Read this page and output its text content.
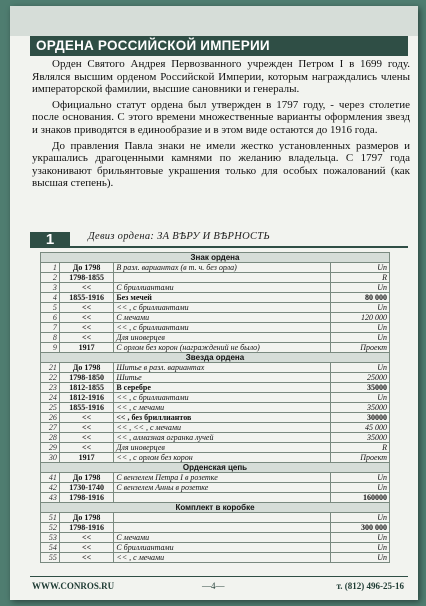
ОРДЕНА РОССИЙСКОЙ ИМПЕРИИ

Орден Святого Андрея Первозванного учрежден Петром I в 1699 году. Являлся высшим орденом Российской Империи, которым награждались члены императорской фамилии, высшие сановники и генералы.

Официально статут ордена был утвержден в 1797 году, - через столетие после основания. С этого времени множественные варианты оформления звезд и знаков приводятся в единообразие и в этом виде остаются до 1916 года.

До правления Павла знаки не имели жестко установленных размеров и украшались драгоценными камнями по желанию владельца. С 1797 года узаконивают брильянтовые украшения только для особых пожалований (как высшая степень).

1	Девиз ордена: ЗА ВѢРУ И ВѢРНОСТЬ
Знак ордена			
1	До 1798	В разл. вариантах (в т. ч. без орла)	Un
2	1798-1855		R
3	<<	С бриллиантами	Un
4	1855-1916	Без мечей	80 000
5	<<	<< , с бриллиантами	Un
6	<<	С мечами	120 000
7	<<	<< , с бриллиантами	Un
8	<<	Для иноверцев	Un
9	1917	С орлом без корон (награждений не было)	Проект
Звезда ордена			
21	До 1798	Шитье в разл. вариантах	Un
22	1798-1850	Шитье	25000
23	1812-1855	В серебре	35000
24	1812-1916	<< , с бриллиантами	Un
25	1855-1916	<< , с мечами	35000
26	<<	<< , без бриллиантов	30000
27	<<	<< , << , с мечами	45 000
28	<<	<< , алмазная огранка лучей	35000
29	<<	Для иноверцев	R
30	1917	<< , с орлом без корон	Проект
Орденская цепь			
41	До 1798	С вензелем Петра I в розетке	Un
42	1730-1740	С вензелем Анны в розетке	Un
43	1798-1916		160000
Комплект в коробке			
51	До 1798		Un
52	1798-1916		300 000
53	<<	С мечами	Un
54	<<	С бриллиантами	Un
55	<<	<< , с мечами	Un
WWW.CONROS.RU	—4—	т. (812) 496-25-16
